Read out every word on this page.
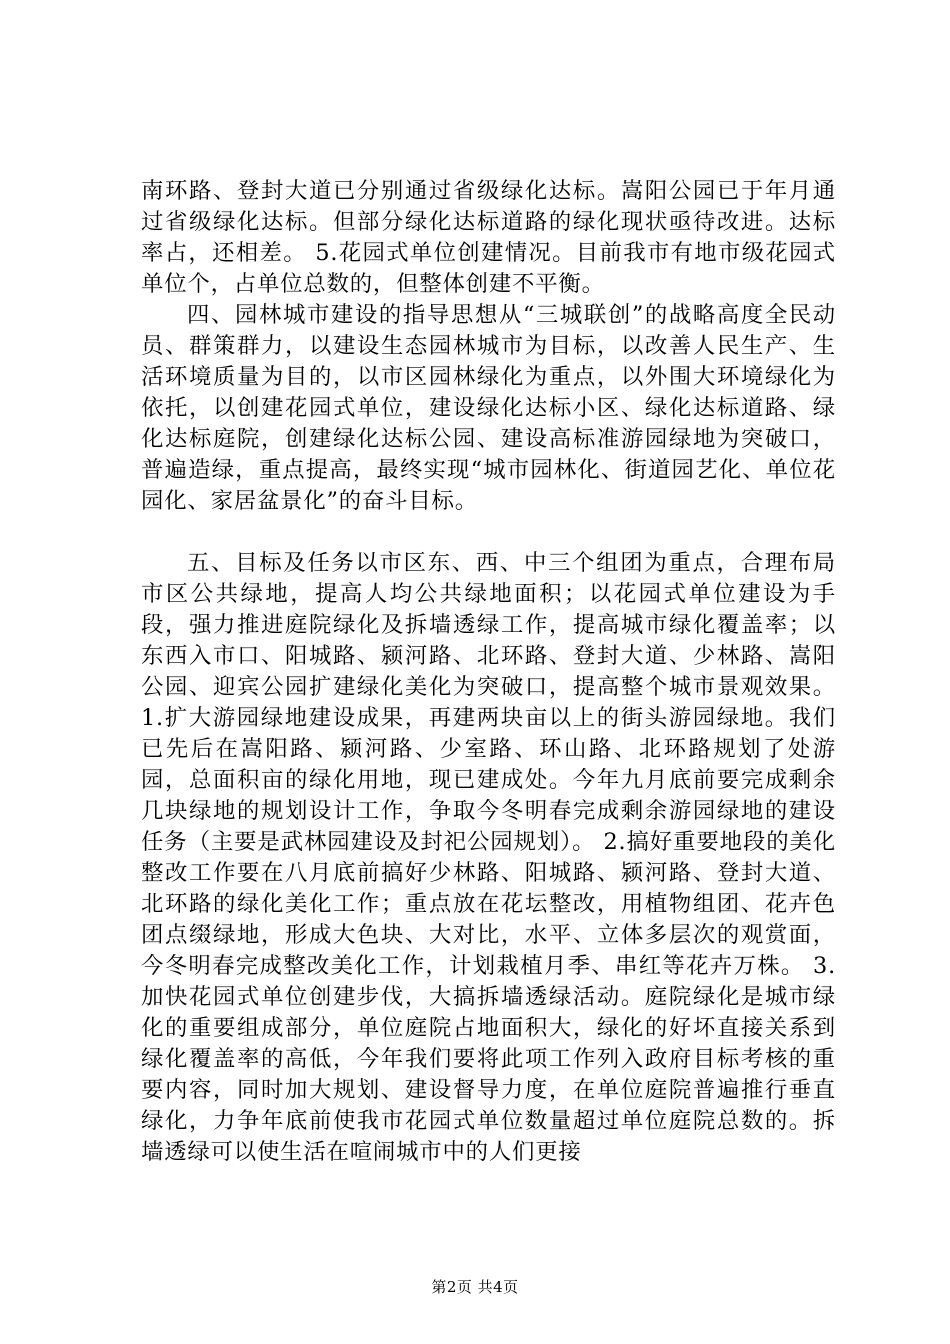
南环路、登封大道已分别通过省级绿化达标。嵩阳公园已于年月通过省级绿化达标。但部分绿化达标道路的绿化现状亟待改进。达标率占，还相差。 5.花园式单位创建情况。目前我市有地市级花园式单位个，占单位总数的，但整体创建不平衡。

四、园林城市建设的指导思想从“三城联创”的战略高度全民动员、群策群力，以建设生态园林城市为目标，以改善人民生产、生活环境质量为目的，以市区园林绿化为重点，以外围大环境绿化为依托，以创建花园式单位，建设绿化达标小区、绿化达标道路、绿化达标庭院，创建绿化达标公园、建设高标准游园绿地为突破口，普遍造绿，重点提高，最终实现“城市园林化、街道园艺化、单位花园化、家居盆景化”的奋斗目标。

五、目标及任务以市区东、西、中三个组团为重点，合理布局市区公共绿地，提高人均公共绿地面积；以花园式单位建设为手段，强力推进庭院绿化及拆墙透绿工作，提高城市绿化覆盖率；以东西入市口、阳城路、颍河路、北环路、登封大道、少林路、嵩阳公园、迎宾公园扩建绿化美化为突破口，提高整个城市景观效果。 1.扩大游园绿地建设成果，再建两块亩以上的街头游园绿地。我们已先后在嵩阳路、颍河路、少室路、环山路、北环路规划了处游园，总面积亩的绿化用地，现已建成处。今年九月底前要完成剩余几块绿地的规划设计工作，争取今冬明春完成剩余游园绿地的建设任务（主要是武林园建设及封祀公园规划）。 2.搞好重要地段的美化整改工作要在八月底前搞好少林路、阳城路、颍河路、登封大道、北环路的绿化美化工作；重点放在花坛整改，用植物组团、花卉色团点缀绿地，形成大色块、大对比，水平、立体多层次的观赏面，今冬明春完成整改美化工作，计划栽植月季、串红等花卉万株。 3.加快花园式单位创建步伐，大搞拆墙透绿活动。庭院绿化是城市绿化的重要组成部分，单位庭院占地面积大，绿化的好坏直接关系到绿化覆盖率的高低，今年我们要将此项工作列入政府目标考核的重要内容，同时加大规划、建设督导力度，在单位庭院普遍推行垂直绿化，力争年底前使我市花园式单位数量超过单位庭院总数的。拆墙透绿可以使生活在喧闹城市中的人们更接

第2页 共4页
